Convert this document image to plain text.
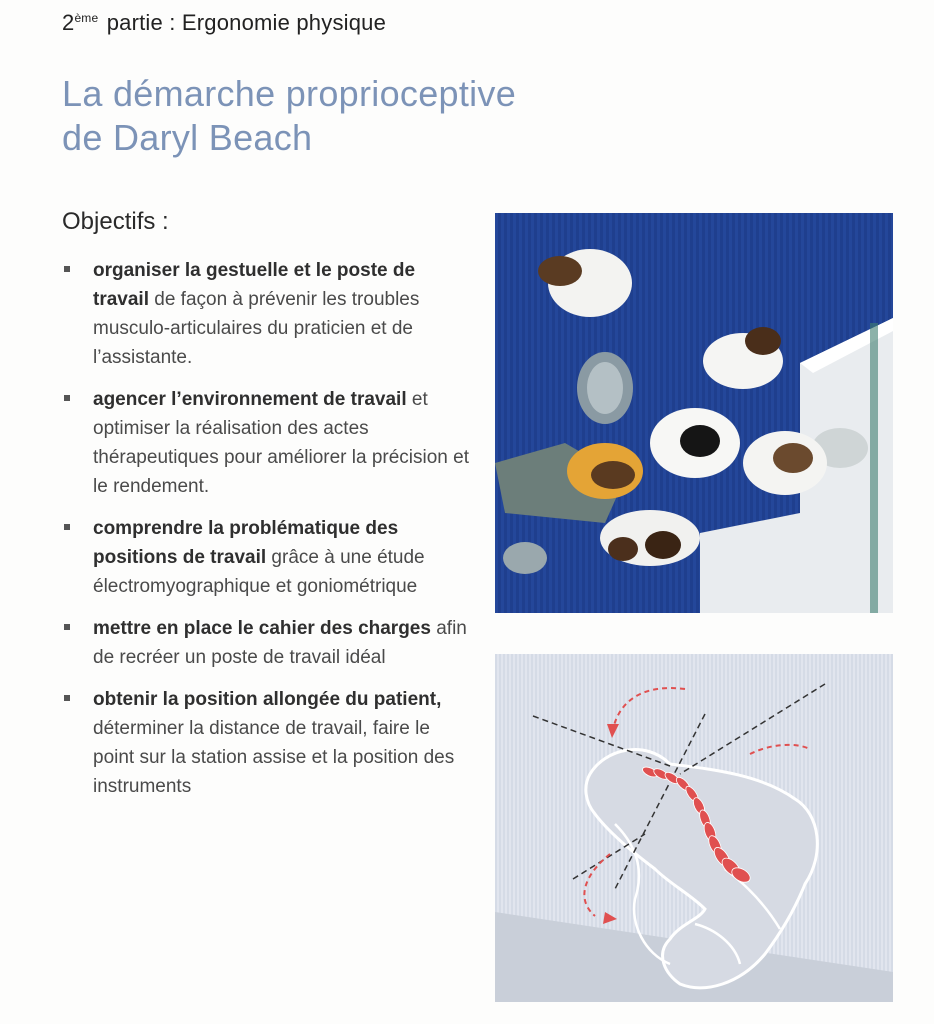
2ème partie : Ergonomie physique
La démarche proprioceptive
de Daryl Beach
Objectifs :
organiser la gestuelle et le poste de travail de façon à prévenir les troubles musculo-articulaires du praticien et de l’assistante.
agencer l’environnement de travail et optimiser la réalisation des actes thérapeutiques pour améliorer la précision et le rendement.
comprendre la problématique des positions de travail grâce à une étude électromyographique et goniométrique
mettre en place le cahier des charges afin de recréer un poste de travail idéal
obtenir la position allongée du patient, déterminer la distance de travail, faire le point sur la station assise et la position des instruments
